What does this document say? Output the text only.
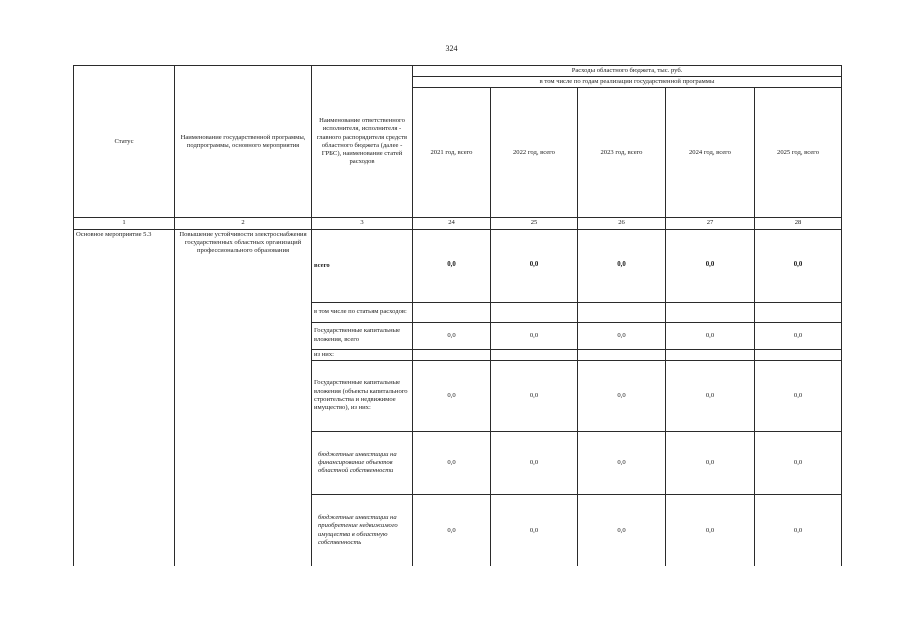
324
Статус	Наименование государственной программы, подпрограммы, основного мероприятия	Наименование ответственного исполнителя, исполнителя - главного распорядителя средств областного бюджета (далее - ГРБС), наименование статей расходов	Расходы областного бюджета, тыс. руб.				
			в том числе по годам реализации государственной программы				
			2021 год, всего	2022 год, всего	2023 год, всего	2024 год, всего	2025 год, всего
1	2	3	24	25	26	27	28
Основное мероприятие 5.3	Повышение устойчивости электроснабжения государственных областных организаций профессионального образования	всего	0,0	0,0	0,0	0,0	0,0
		в том числе по статьям расходов:					
		Государственные капитальные вложения, всего	0,0	0,0	0,0	0,0	0,0
		из них:					
		Государственные капитальные вложения (объекты капитального строительства и недвижимое имущество), из них:	0,0	0,0	0,0	0,0	0,0
		бюджетные инвестиции на финансирование объектов областной собственности	0,0	0,0	0,0	0,0	0,0
		бюджетные инвестиции на приобретение недвижимого имущества в областную собственность	0,0	0,0	0,0	0,0	0,0
